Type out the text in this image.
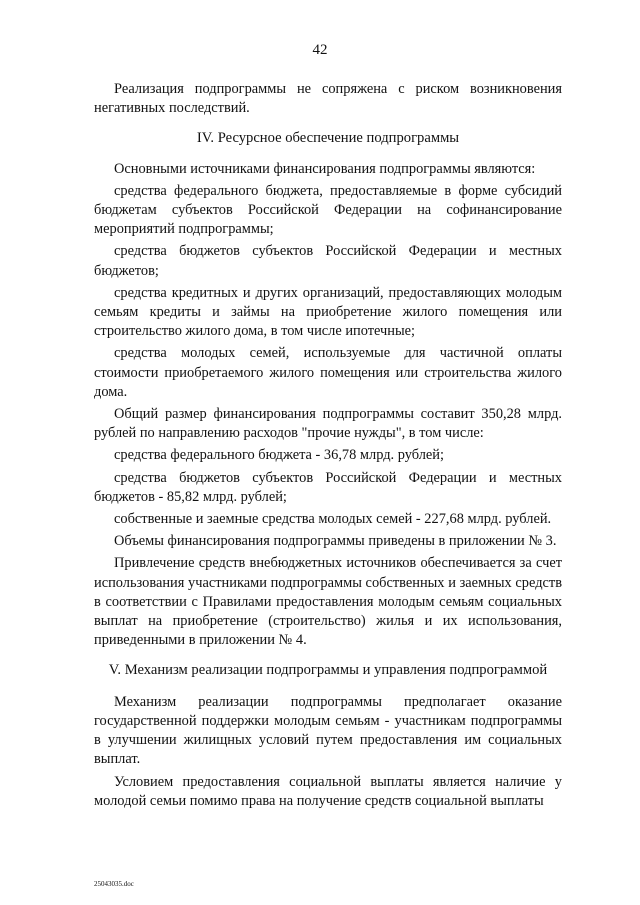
42

Реализация подпрограммы не сопряжена с риском возникновения негативных последствий.

IV. Ресурсное обеспечение подпрограммы

Основными источниками финансирования подпрограммы являются:

средства федерального бюджета, предоставляемые в форме субсидий бюджетам субъектов Российской Федерации на софинансирование мероприятий подпрограммы;

средства бюджетов субъектов Российской Федерации и местных бюджетов;

средства кредитных и других организаций, предоставляющих молодым семьям кредиты и займы на приобретение жилого помещения или строительство жилого дома, в том числе ипотечные;

средства молодых семей, используемые для частичной оплаты стоимости приобретаемого жилого помещения или строительства жилого дома.

Общий размер финансирования подпрограммы составит 350,28 млрд. рублей по направлению расходов "прочие нужды", в том числе:

средства федерального бюджета - 36,78 млрд. рублей;

средства бюджетов субъектов Российской Федерации и местных бюджетов - 85,82 млрд. рублей;

собственные и заемные средства молодых семей - 227,68 млрд. рублей.

Объемы финансирования подпрограммы приведены в приложении № 3.

Привлечение средств внебюджетных источников обеспечивается за счет использования участниками подпрограммы собственных и заемных средств в соответствии с Правилами предоставления молодым семьям социальных выплат на приобретение (строительство) жилья и их использования, приведенными в приложении № 4.

V. Механизм реализации подпрограммы и управления подпрограммой

Механизм реализации подпрограммы предполагает оказание государственной поддержки молодым семьям - участникам подпрограммы в улучшении жилищных условий путем предоставления им социальных выплат.

Условием предоставления социальной выплаты является наличие у молодой семьи помимо права на получение средств социальной выплаты

25043035.doc
